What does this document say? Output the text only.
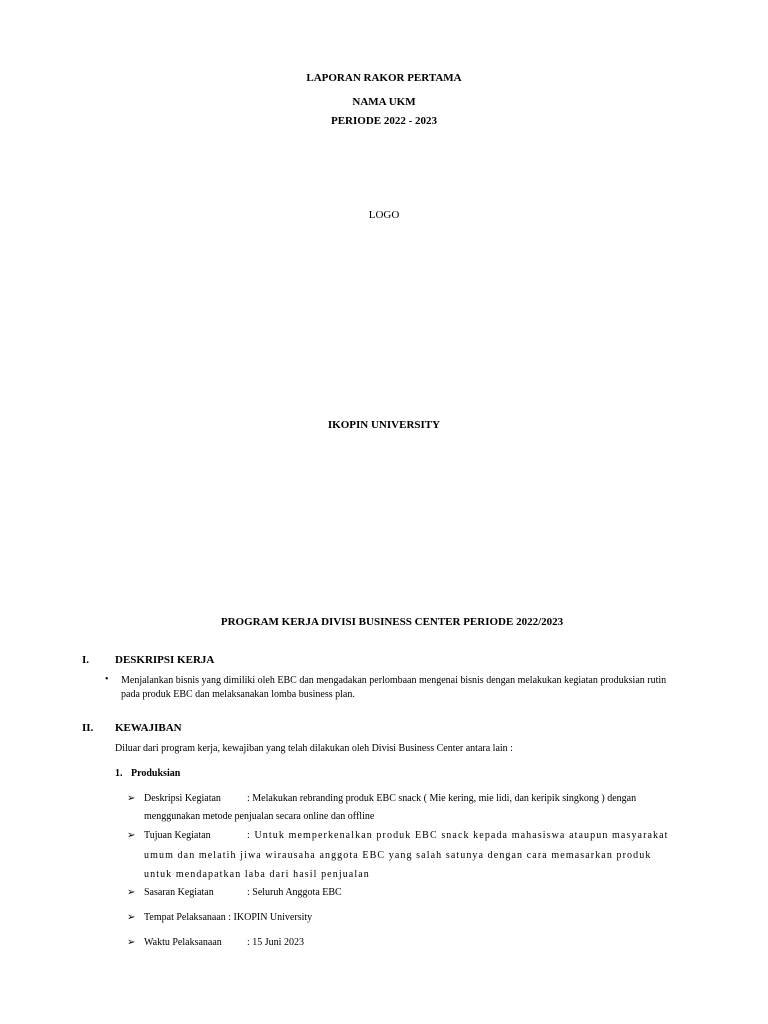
LAPORAN RAKOR PERTAMA
NAMA UKM
PERIODE 2022 - 2023
LOGO
IKOPIN UNIVERSITY
PROGRAM KERJA DIVISI BUSINESS CENTER PERIODE 2022/2023
I. DESKRIPSI KERJA
• Menjalankan bisnis yang dimiliki oleh EBC dan mengadakan perlombaan mengenai bisnis dengan melakukan kegiatan produksian rutin
pada produk EBC dan melaksanakan lomba business plan.
II. KEWAJIBAN
Diluar dari program kerja, kewajiban yang telah dilakukan oleh Divisi Business Center antara lain :
1. Produksian
➢ Deskripsi Kegiatan	: Melakukan rebranding produk EBC snack ( Mie kering, mie lidi, dan keripik singkong ) dengan
menggunakan metode penjualan secara online dan offline
➢ Tujuan Kegiatan	: Untuk memperkenalkan produk EBC snack kepada mahasiswa ataupun masyarakat
umum dan melatih jiwa wirausaha anggota EBC yang salah satunya dengan cara memasarkan produk
untuk mendapatkan laba dari hasil penjualan
➢ Sasaran Kegiatan	: Seluruh Anggota EBC
➢ Tempat Pelaksanaan : IKOPIN University
➢ Waktu Pelaksanaan	: 15 Juni 2023
